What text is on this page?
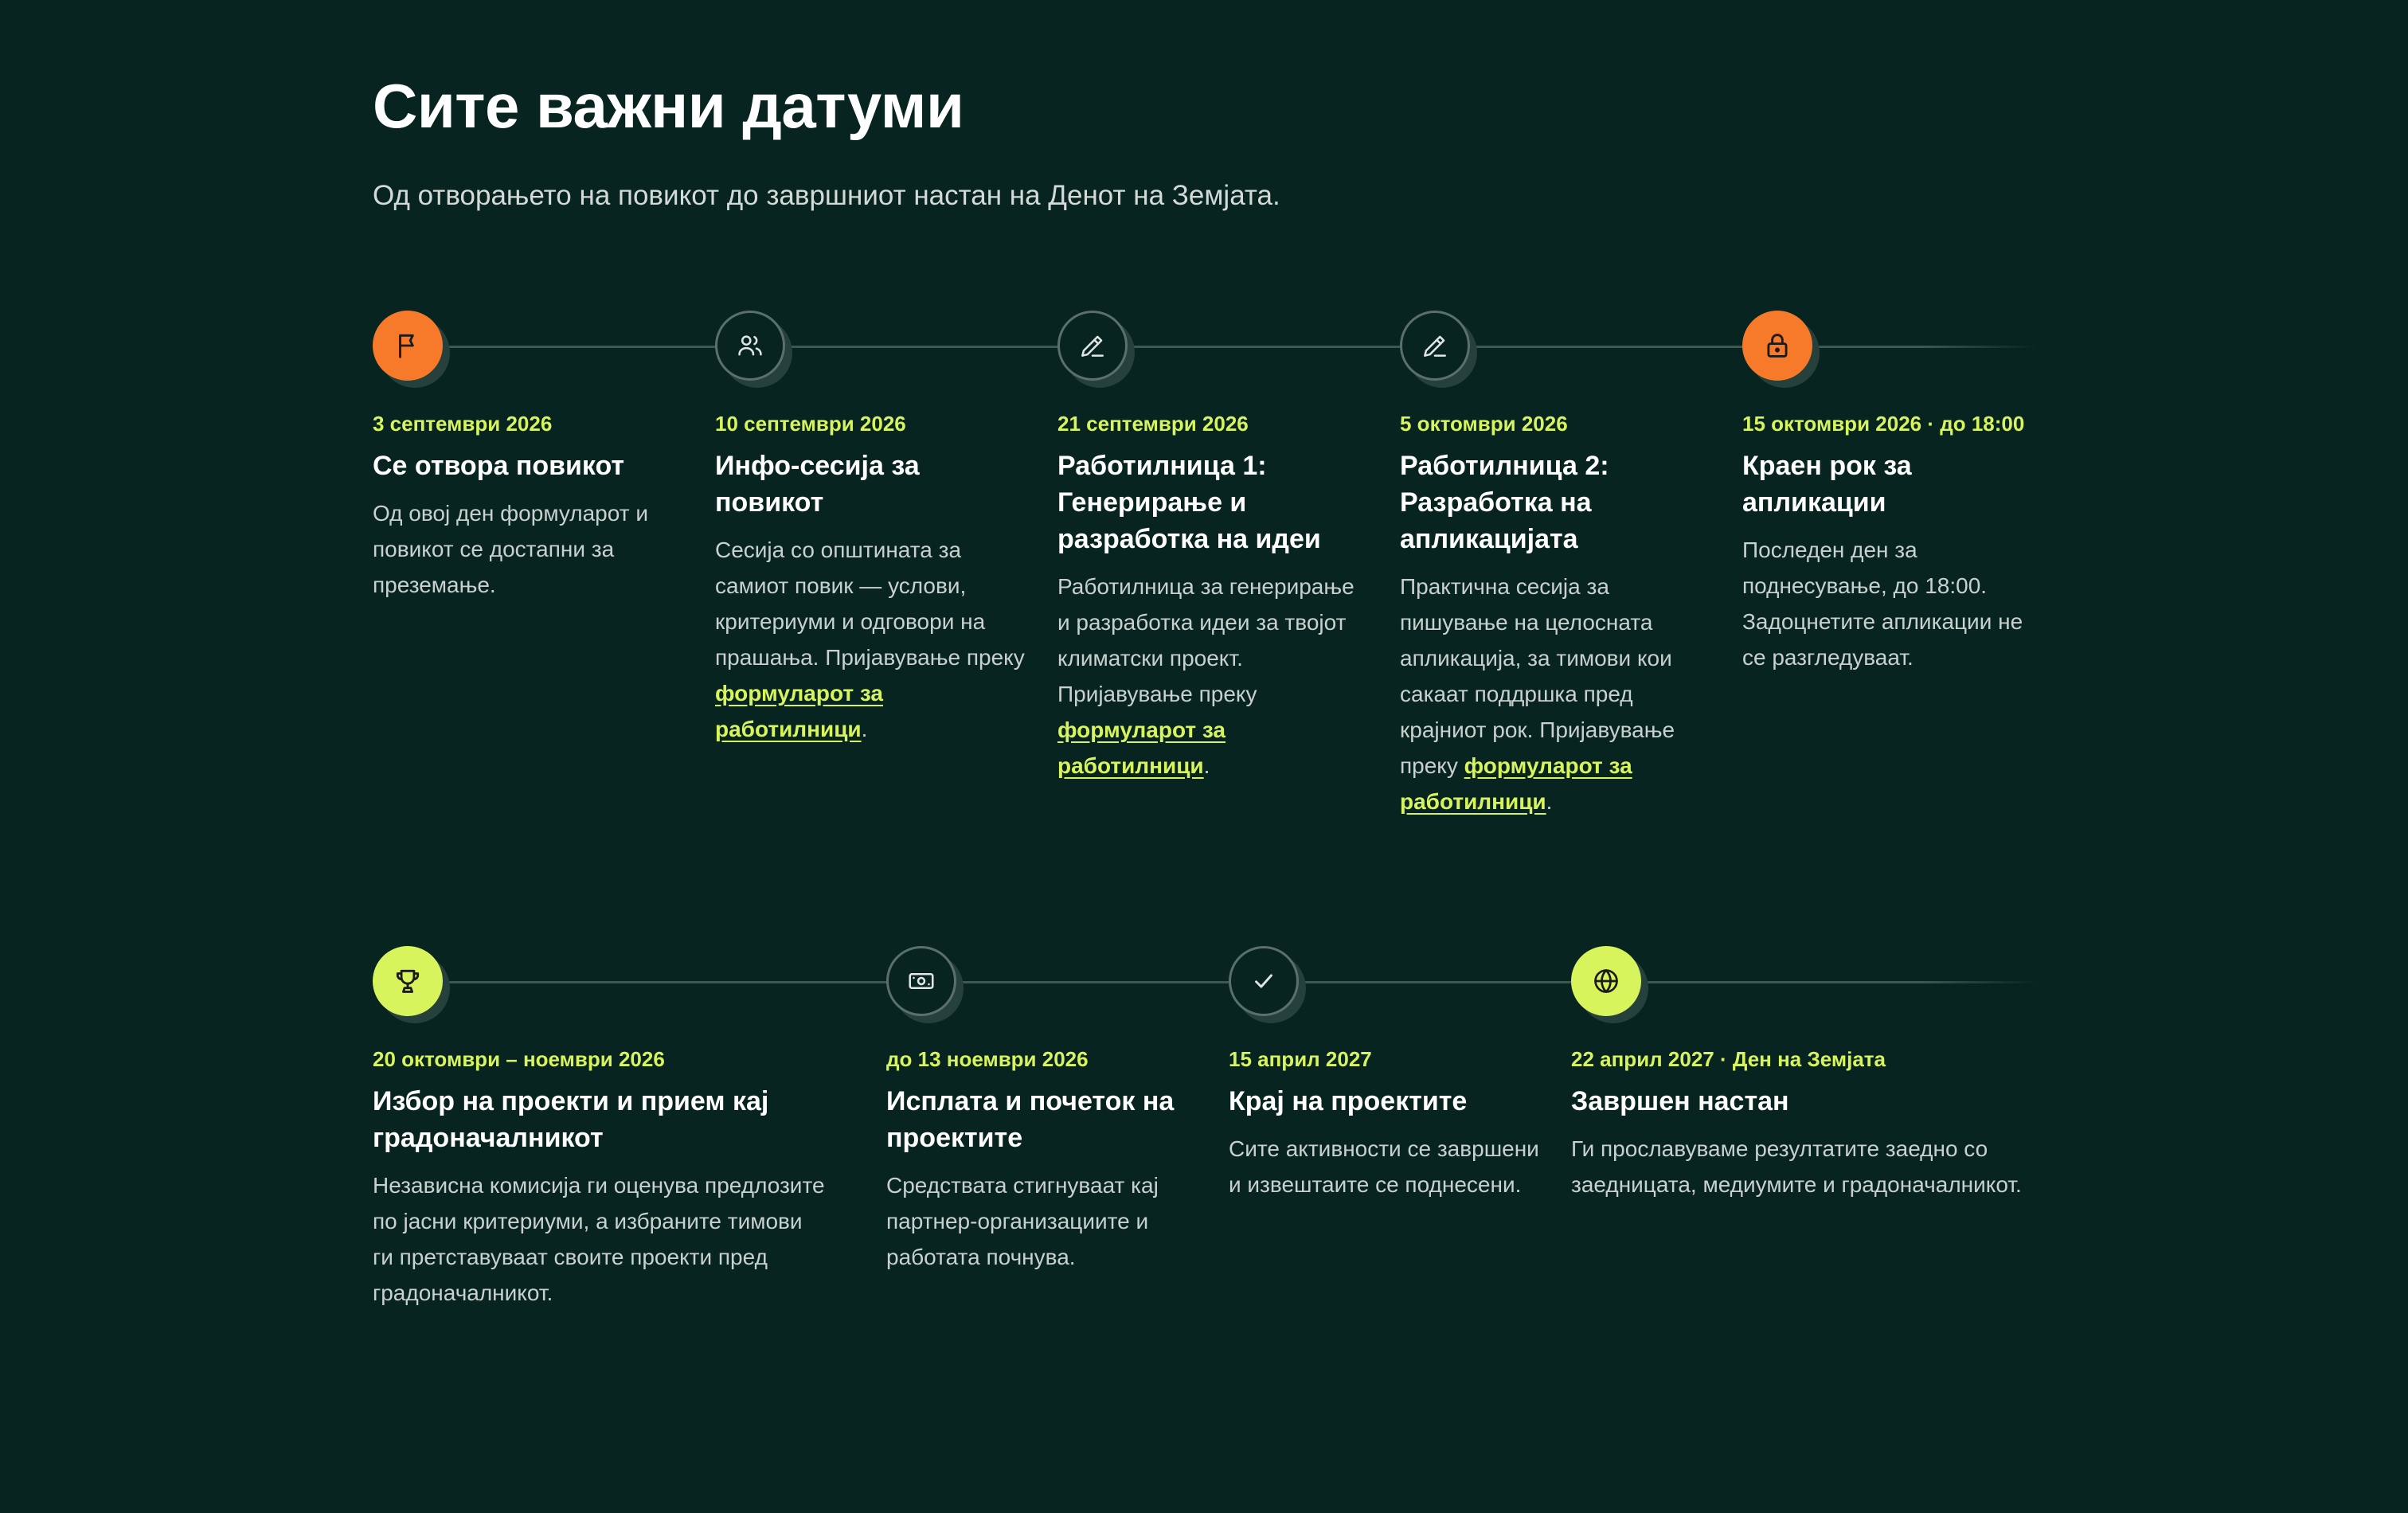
Сите важни датуми

Од отворањето на повикот до завршниот настан на Денот на Земјата.

3 септември 2026
Се отвора повикот
Од овој ден формуларот и повикот се достапни за преземање.
10 септември 2026
Инфо-сесија за повикот
Сесија со општината за самиот повик — услови, критериуми и одговори на прашања. Пријавување преку формуларот за работилници.
21 септември 2026
Работилница 1: Генерирање и разработка на идеи
Работилница за генерирање и разработка идеи за твојот климатски проект. Пријавување преку формуларот за работилници.
5 октомври 2026
Работилница 2: Разработка на апликацијата
Практична сесија за пишување на целосната апликација, за тимови кои сакаат поддршка пред крајниот рок. Пријавување преку формуларот за работилници.
15 октомври 2026 · до 18:00
Краен рок за апликации
Последен ден за поднесување, до 18:00. Задоцнетите апликации не се разгледуваат.
20 октомври – ноември 2026
Избор на проекти и прием кај градоначалникот
Независна комисија ги оценува предлозите по јасни критериуми, а избраните тимови ги претставуваат своите проекти пред градоначалникот.
до 13 ноември 2026
Исплата и почеток на проектите
Средствата стигнуваат кај партнер-организациите и работата почнува.
15 април 2027
Крај на проектите
Сите активности се завршени и извештаите се поднесени.
22 април 2027 · Ден на Земјата
Завршен настан
Ги прославуваме резултатите заедно со заедницата, медиумите и градоначалникот.
